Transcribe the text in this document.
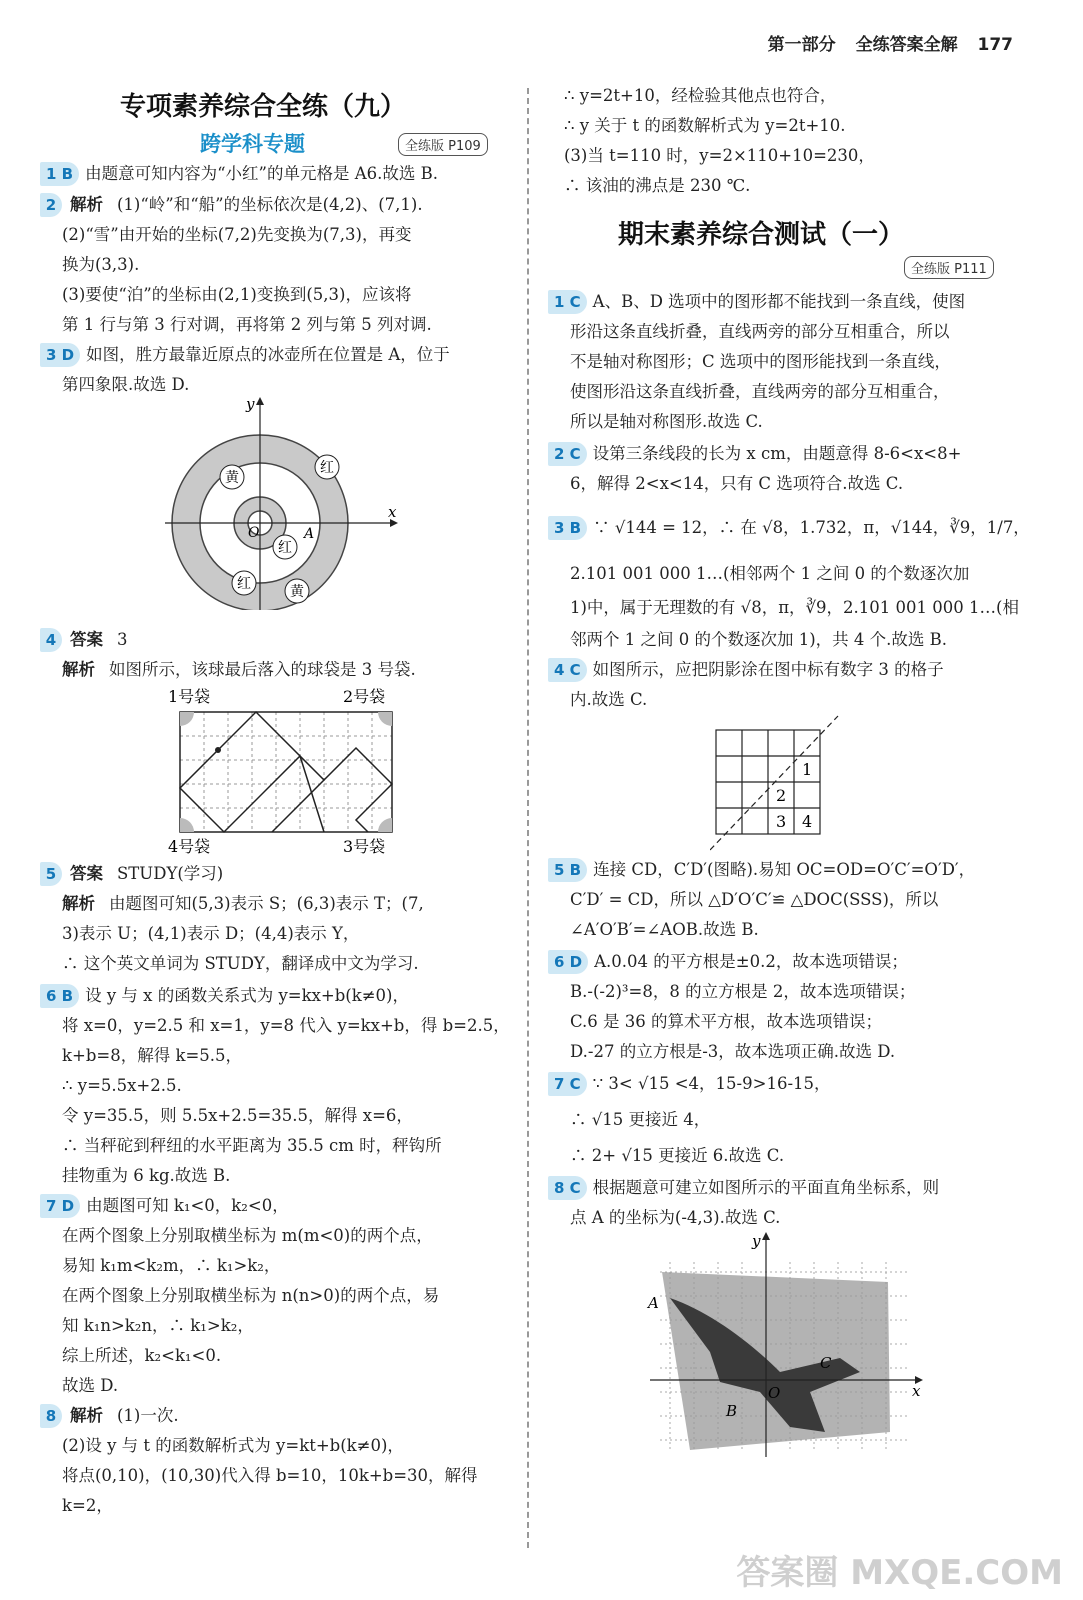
第一部分 全练答案全解 177
专项素养综合全练（九）
跨学科专题	全练版 P109
1 B 由题意可知内容为“小红”的单元格是 A6.故选 B.
2 解析 (1)“岭”和“船”的坐标依次是(4,2)、(7,1).
(2)“雪”由开始的坐标(7,2)先变换为(7,3)，再变
换为(3,3).
(3)要使“泊”的坐标由(2,1)变换到(5,3)，应该将
第 1 行与第 3 行对调，再将第 2 列与第 5 列对调.
3 D 如图，胜方最靠近原点的冰壶所在位置是 A，位于
第四象限.故选 D.
x
y
O	A
黄
红
红
红	黄
4 答案 3
解析 如图所示，该球最后落入的球袋是 3 号袋.
1号袋	2号袋
4号袋	3号袋
5 答案 STUDY(学习)
解析 由题图可知(5,3)表示 S；(6,3)表示 T；(7,
3)表示 U；(4,1)表示 D；(4,4)表示 Y，
∴ 这个英文单词为 STUDY，翻译成中文为学习.
6 B 设 y 与 x 的函数关系式为 y=kx+b(k≠0)，
将 x=0，y=2.5 和 x=1，y=8 代入 y=kx+b，得 b=2.5，
k+b=8，解得 k=5.5，
∴ y=5.5x+2.5.
令 y=35.5，则 5.5x+2.5=35.5，解得 x=6，
∴ 当秤砣到秤纽的水平距离为 35.5 cm 时，秤钩所
挂物重为 6 kg.故选 B.
7 D 由题图可知 k₁<0，k₂<0，
在两个图象上分别取横坐标为 m(m<0)的两个点，
易知 k₁m<k₂m，∴ k₁>k₂，
在两个图象上分别取横坐标为 n(n>0)的两个点，易
知 k₁n>k₂n，∴ k₁>k₂，
综上所述，k₂<k₁<0.
故选 D.
8 解析 (1)一次.
(2)设 y 与 t 的函数解析式为 y=kt+b(k≠0)，
将点(0,10)，(10,30)代入得 b=10，10k+b=30，解得
k=2，
∴ y=2t+10，经检验其他点也符合，
∴ y 关于 t 的函数解析式为 y=2t+10.
(3)当 t=110 时，y=2×110+10=230，
∴ 该油的沸点是 230 ℃.
期末素养综合测试（一）
全练版 P111
1 C A、B、D 选项中的图形都不能找到一条直线，使图
形沿这条直线折叠，直线两旁的部分互相重合，所以
不是轴对称图形；C 选项中的图形能找到一条直线，
使图形沿这条直线折叠，直线两旁的部分互相重合，
所以是轴对称图形.故选 C.
2 C 设第三条线段的长为 x cm，由题意得 8-6<x<8+
6，解得 2<x<14，只有 C 选项符合.故选 C.
3 B ∵ √144 = 12，∴ 在 √8，1.732，π，√144，∛9，1/7，
2.101 001 000 1…(相邻两个 1 之间 0 的个数逐次加
1)中，属于无理数的有 √8，π，∛9，2.101 001 000 1…(相
邻两个 1 之间 0 的个数逐次加 1)，共 4 个.故选 B.
4 C 如图所示，应把阴影涂在图中标有数字 3 的格子
内.故选 C.
1
2
3 4
5 B 连接 CD，C′D′(图略).易知 OC=OD=O′C′=O′D′，
C′D′ = CD，所以 △D′O′C′≌ △DOC(SSS)，所以
∠A′O′B′=∠AOB.故选 B.
6 D A.0.04 的平方根是±0.2，故本选项错误；
B.-(-2)³=8，8 的立方根是 2，故本选项错误；
C.6 是 36 的算术平方根，故本选项错误；
D.-27 的立方根是-3，故本选项正确.故选 D.
7 C ∵ 3< √15 <4，15-9>16-15，
∴ √15 更接近 4，
∴ 2+ √15 更接近 6.故选 C.
8 C 根据题意可建立如图所示的平面直角坐标系，则
点 A 的坐标为(-4,3).故选 C.
x
y
O
A
B
C
答案圈 MXQE.COM
